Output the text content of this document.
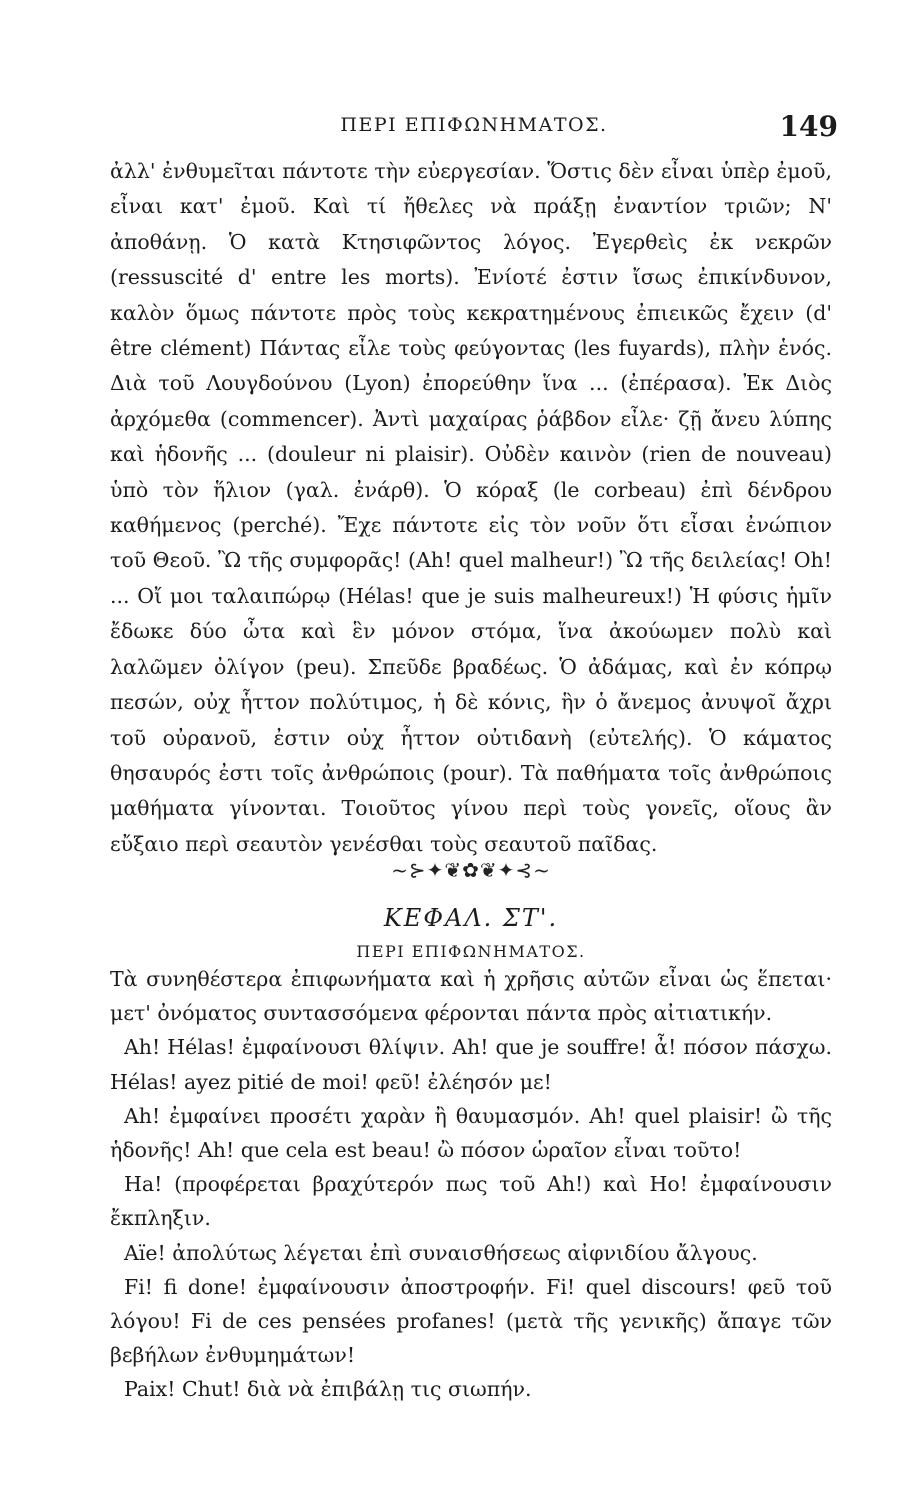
ΠΕΡΙ ΕΠΙΦΩΝΗΜΑΤΟΣ.	149

ἀλλ' ἐνθυμεῖται πάντοτε τὴν εὐεργεσίαν. Ὅστις δὲν εἶναι ὑπὲρ ἐμοῦ, εἶναι κατ' ἐμοῦ. Καὶ τί ἤθελες νὰ πράξῃ ἐναντίον τριῶν; Ν' ἀποθάνῃ. Ὁ κατὰ Κτησιφῶντος λόγος. Ἐγερθεὶς ἐκ νεκρῶν (ressuscité d' entre les morts). Ἐνίοτέ ἐστιν ἴσως ἐπικίνδυνον, καλὸν ὅμως πάντοτε πρὸς τοὺς κεκρατημένους ἐπιεικῶς ἔχειν (d' être clément) Πάντας εἶλε τοὺς φεύγοντας (les fuyards), πλὴν ἑνός. Διὰ τοῦ Λουγδούνου (Lyon) ἐπορεύθην ἵνα ... (ἐπέρασα). Ἐκ Διὸς ἀρχόμεθα (commencer). Ἀντὶ μαχαίρας ῥάβδον εἶλε· ζῇ ἄνευ λύπης καὶ ἡδονῆς ... (douleur ni plaisir). Οὐδὲν καινὸν (rien de nouveau) ὑπὸ τὸν ἥλιον (γαλ. ἐνάρθ). Ὁ κόραξ (le corbeau) ἐπὶ δένδρου καθήμενος (perché). Ἔχε πάντοτε εἰς τὸν νοῦν ὅτι εἶσαι ἐνώπιον τοῦ Θεοῦ. Ὢ τῆς συμφορᾶς! (Ah! quel malheur!) Ὢ τῆς δειλείας! Oh! ... Οἴ μοι ταλαιπώρῳ (Hélas! que je suis malheureux!) Ἡ φύσις ἡμῖν ἔδωκε δύο ὦτα καὶ ἓν μόνον στόμα, ἵνα ἀκούωμεν πολὺ καὶ λαλῶμεν ὀλίγον (peu). Σπεῦδε βραδέως. Ὁ ἀδάμας, καὶ ἐν κόπρῳ πεσών, οὐχ ἧττον πολύτιμος, ἡ δὲ κόνις, ἣν ὁ ἄνεμος ἀνυψοῖ ἄχρι τοῦ οὐρανοῦ, ἐστιν οὐχ ἧττον οὐτιδανὴ (εὐτελής). Ὁ κάματος θησαυρός ἐστι τοῖς ἀνθρώποις (pour). Τὰ παθήματα τοῖς ἀνθρώποις μαθήματα γίνονται. Τοιοῦτος γίνου περὶ τοὺς γονεῖς, οἵους ἂν εὔξαιο περὶ σεαυτὸν γενέσθαι τοὺς σεαυτοῦ παῖδας.

~⊱✦❦✿❦✦⊰~
ΚΕΦΑΛ. ΣΤ'.
ΠΕΡΙ ΕΠΙΦΩΝΗΜΑΤΟΣ.

Τὰ συνηθέστερα ἐπιφωνήματα καὶ ἡ χρῆσις αὐτῶν εἶναι ὡς ἕπεται· μετ' ὀνόματος συντασσόμενα φέρονται πάντα πρὸς αἰτιατικήν.

Ah! Hélas! ἐμφαίνουσι θλίψιν. Ah! que je souffre! ἆ! πόσον πάσχω. Hélas! ayez pitié de moi! φεῦ! ἐλέησόν με!

Ah! ἐμφαίνει προσέτι χαρὰν ἢ θαυμασμόν. Ah! quel plaisir! ὢ τῆς ἡδονῆς! Ah! que cela est beau! ὢ πόσον ὡραῖον εἶναι τοῦτο!

Ha! (προφέρεται βραχύτερόν πως τοῦ Ah!) καὶ Ho! ἐμφαίνουσιν ἔκπληξιν.

Aïe! ἀπολύτως λέγεται ἐπὶ συναισθήσεως αἰφνιδίου ἄλγους.

Fi! fi done! ἐμφαίνουσιν ἀποστροφήν. Fi! quel discours! φεῦ τοῦ λόγου! Fi de ces pensées profanes! (μετὰ τῆς γενικῆς) ἄπαγε τῶν βεβήλων ἐνθυμημάτων!

Paix! Chut! διὰ νὰ ἐπιβάλῃ τις σιωπήν.
